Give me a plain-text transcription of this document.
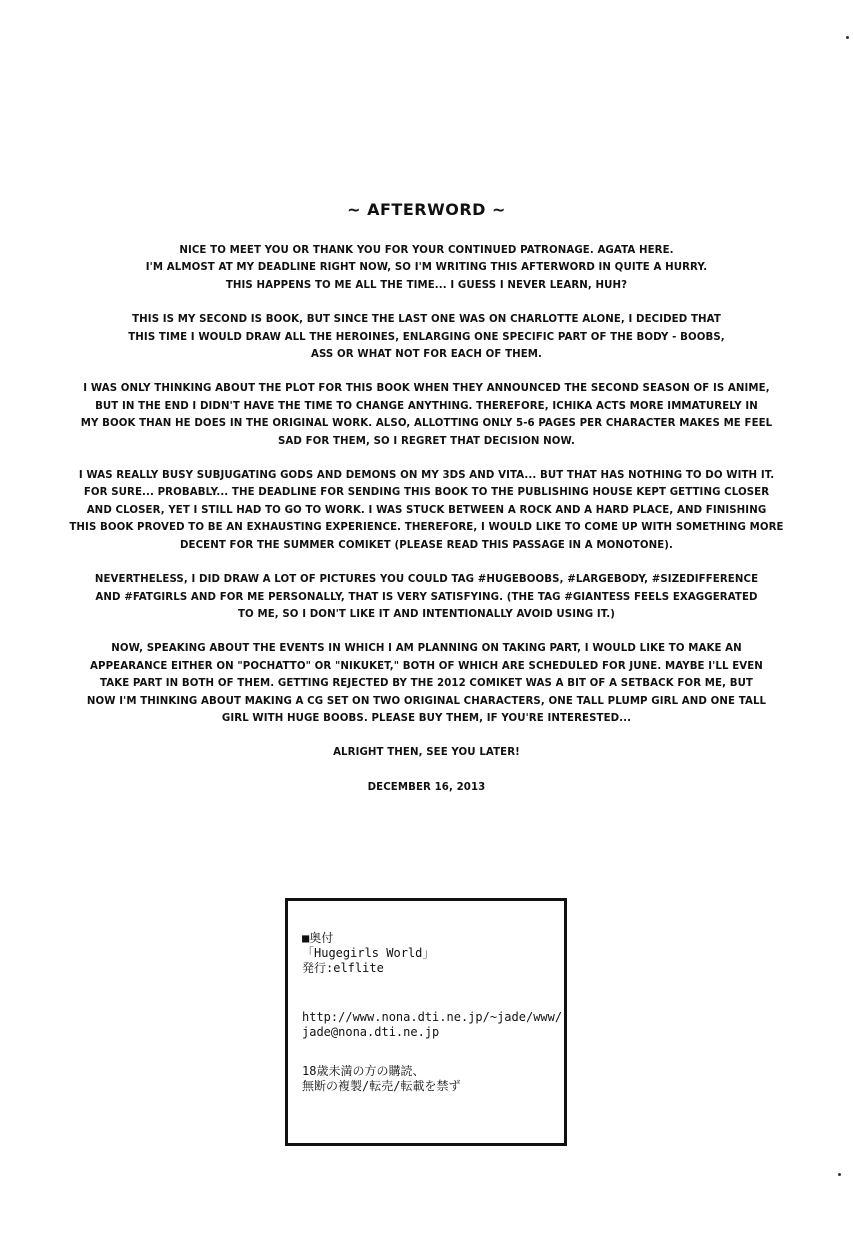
~ AFTERWORD ~
NICE TO MEET YOU OR THANK YOU FOR YOUR CONTINUED PATRONAGE. AGATA HERE.
I'M ALMOST AT MY DEADLINE RIGHT NOW, SO I'M WRITING THIS AFTERWORD IN QUITE A HURRY.
THIS HAPPENS TO ME ALL THE TIME... I GUESS I NEVER LEARN, HUH?
THIS IS MY SECOND IS BOOK, BUT SINCE THE LAST ONE WAS ON CHARLOTTE ALONE, I DECIDED THAT
THIS TIME I WOULD DRAW ALL THE HEROINES, ENLARGING ONE SPECIFIC PART OF THE BODY - BOOBS,
ASS OR WHAT NOT FOR EACH OF THEM.
I WAS ONLY THINKING ABOUT THE PLOT FOR THIS BOOK WHEN THEY ANNOUNCED THE SECOND SEASON OF IS ANIME,
BUT IN THE END I DIDN'T HAVE THE TIME TO CHANGE ANYTHING. THEREFORE, ICHIKA ACTS MORE IMMATURELY IN
MY BOOK THAN HE DOES IN THE ORIGINAL WORK. ALSO, ALLOTTING ONLY 5-6 PAGES PER CHARACTER MAKES ME FEEL
SAD FOR THEM, SO I REGRET THAT DECISION NOW.
I WAS REALLY BUSY SUBJUGATING GODS AND DEMONS ON MY 3DS AND VITA... BUT THAT HAS NOTHING TO DO WITH IT.
FOR SURE... PROBABLY... THE DEADLINE FOR SENDING THIS BOOK TO THE PUBLISHING HOUSE KEPT GETTING CLOSER
AND CLOSER, YET I STILL HAD TO GO TO WORK. I WAS STUCK BETWEEN A ROCK AND A HARD PLACE, AND FINISHING
THIS BOOK PROVED TO BE AN EXHAUSTING EXPERIENCE. THEREFORE, I WOULD LIKE TO COME UP WITH SOMETHING MORE
DECENT FOR THE SUMMER COMIKET (PLEASE READ THIS PASSAGE IN A MONOTONE).
NEVERTHELESS, I DID DRAW A LOT OF PICTURES YOU COULD TAG #HUGEBOOBS, #LARGEBODY, #SIZEDIFFERENCE
AND #FATGIRLS AND FOR ME PERSONALLY, THAT IS VERY SATISFYING. (THE TAG #GIANTESS FEELS EXAGGERATED
TO ME, SO I DON'T LIKE IT AND INTENTIONALLY AVOID USING IT.)
NOW, SPEAKING ABOUT THE EVENTS IN WHICH I AM PLANNING ON TAKING PART, I WOULD LIKE TO MAKE AN
APPEARANCE EITHER ON "POCHATTO" OR "NIKUKET," BOTH OF WHICH ARE SCHEDULED FOR JUNE. MAYBE I'LL EVEN
TAKE PART IN BOTH OF THEM. GETTING REJECTED BY THE 2012 COMIKET WAS A BIT OF A SETBACK FOR ME, BUT
NOW I'M THINKING ABOUT MAKING A CG SET ON TWO ORIGINAL CHARACTERS, ONE TALL PLUMP GIRL AND ONE TALL
GIRL WITH HUGE BOOBS. PLEASE BUY THEM, IF YOU'RE INTERESTED...
ALRIGHT THEN, SEE YOU LATER!
DECEMBER 16, 2013
■奥付
「Hugegirls World」
発行:elflite
http://www.nona.dti.ne.jp/~jade/www/
jade@nona.dti.ne.jp
18歳未満の方の購読、
無断の複製/転売/転載を禁ず
